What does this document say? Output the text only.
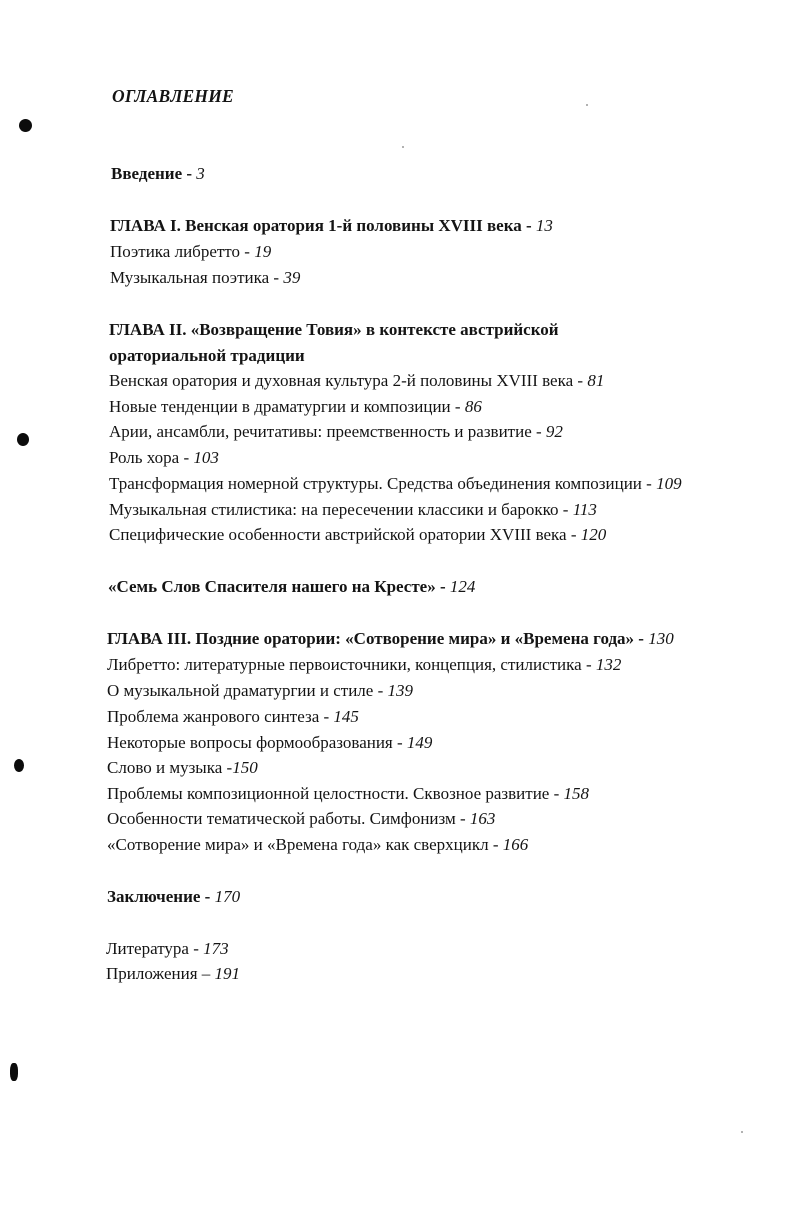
ОГЛАВЛЕНИЕ
Введение - 3
ГЛАВА I. Венская оратория 1-й половины XVIII века - 13
Поэтика либретто - 19
Музыкальная поэтика - 39
ГЛАВА II. «Возвращение Товия» в контексте австрийской
ораториальной традиции
Венская оратория и духовная культура 2-й половины XVIII века - 81
Новые тенденции в драматургии и композиции - 86
Арии, ансамбли, речитативы: преемственность и развитие - 92
Роль хора - 103
Трансформация номерной структуры. Средства объединения композиции - 109
Музыкальная стилистика: на пересечении классики и барокко - 113
Специфические особенности австрийской оратории XVIII века - 120
«Семь Слов Спасителя нашего на Кресте» - 124
ГЛАВА III. Поздние оратории: «Сотворение мира» и «Времена года» - 130
Либретто: литературные первоисточники, концепция, стилистика - 132
О музыкальной драматургии и стиле - 139
Проблема жанрового синтеза - 145
Некоторые вопросы формообразования - 149
Слово и музыка -150
Проблемы композиционной целостности. Сквозное развитие - 158
Особенности тематической работы. Симфонизм - 163
«Сотворение мира» и «Времена года» как сверхцикл - 166
Заключение - 170
Литература - 173
Приложения – 191
